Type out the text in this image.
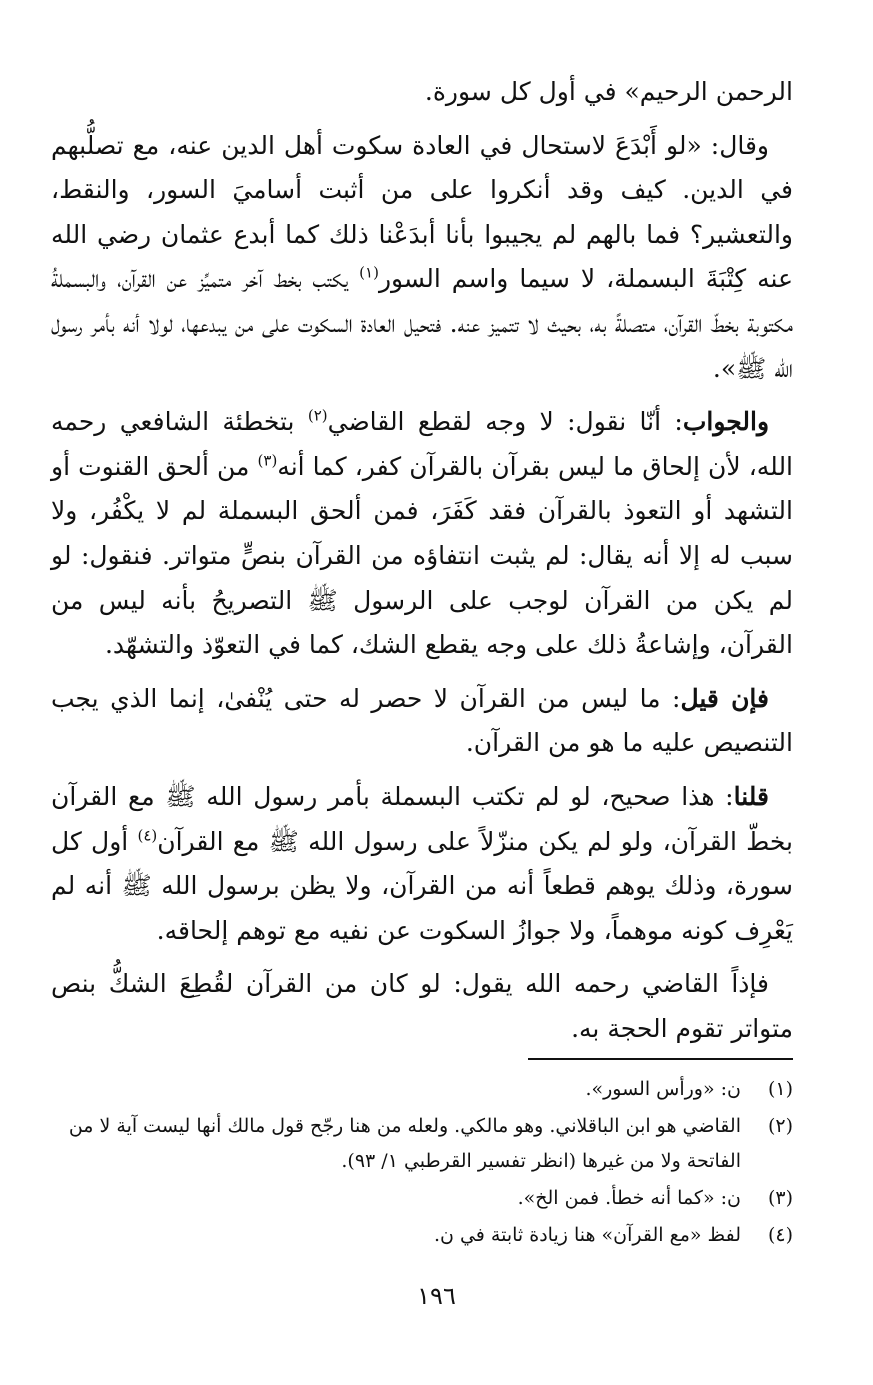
الرحمن الرحيم» في أول كل سورة.

وقال: «لو أَبْدَعَ لاستحال في العادة سكوت أهل الدين عنه، مع تصلُّبهم في الدين. كيف وقد أنكروا على من أثبت أساميَ السور، والنقط، والتعشير؟ فما بالهم لم يجيبوا بأنا أبدَعْنا ذلك كما أبدع عثمان رضي الله عنه كِتْبَةَ البسملة، لا سيما واسم السور$^{(١)}$ يكتب بخط آخر متميِّز عن القرآن، والبسملةُ مكتوبة بخطّ القرآن، متصلةً به، بحيث لا تتميز عنه. فتحيل العادة السكوت على من يبدعها، لولا أنه بأمر رسول الله ﷺ».

والجواب: أنّا نقول: لا وجه لقطع القاضي$^{(٢)}$ بتخطئة الشافعي رحمه الله، لأن إلحاق ما ليس بقرآن بالقرآن كفر، كما أنه$^{(٣)}$ من ألحق القنوت أو التشهد أو التعوذ بالقرآن فقد كَفَرَ، فمن ألحق البسملة لم لا يكْفُر، ولا سبب له إلا أنه يقال: لم يثبت انتفاؤه من القرآن بنصٍّ متواتر. فنقول: لو لم يكن من القرآن لوجب على الرسول ﷺ التصريحُ بأنه ليس من القرآن، وإشاعةُ ذلك على وجه يقطع الشك، كما في التعوّذ والتشهّد.

فإن قيل: ما ليس من القرآن لا حصر له حتى يُنْفىٰ، إنما الذي يجب التنصيص عليه ما هو من القرآن.

قلنا: هذا صحيح، لو لم تكتب البسملة بأمر رسول الله ﷺ مع القرآن بخطّ القرآن، ولو لم يكن منزّلاً على رسول الله ﷺ مع القرآن$^{(٤)}$ أول كل سورة، وذلك يوهم قطعاً أنه من القرآن، ولا يظن برسول الله ﷺ أنه لم يَعْرِف كونه موهماً، ولا جوازُ السكوت عن نفيه مع توهم إلحاقه.

فإذاً القاضي رحمه الله يقول: لو كان من القرآن لقُطِعَ الشكُّ بنص متواتر تقوم الحجة به.

(١)
ن: «ورأس السور».
(٢)
القاضي هو ابن الباقلاني. وهو مالكي. ولعله من هنا رجّح قول مالك أنها ليست آية لا من الفاتحة ولا من غيرها (انظر تفسير القرطبي ١/ ٩٣).
(٣)
ن: «كما أنه خطأ. فمن الخ».
(٤)
لفظ «مع القرآن» هنا زيادة ثابتة في ن.
١٩٦
